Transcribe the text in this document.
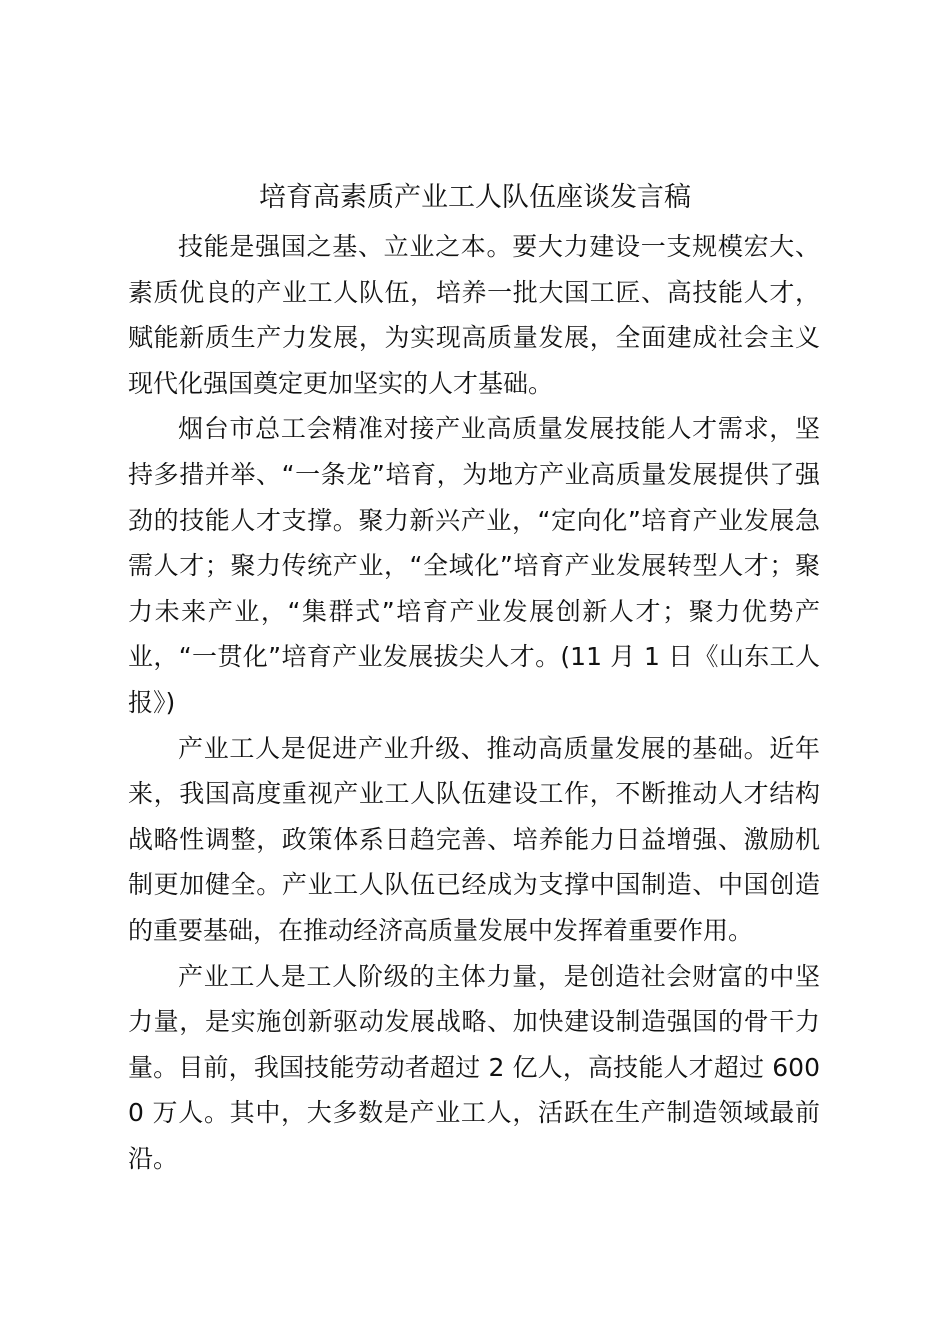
培育高素质产业工人队伍座谈发言稿

技能是强国之基、立业之本。要大力建设一支规模宏大、素质优良的产业工人队伍，培养一批大国工匠、高技能人才，赋能新质生产力发展，为实现高质量发展，全面建成社会主义现代化强国奠定更加坚实的人才基础。

烟台市总工会精准对接产业高质量发展技能人才需求，坚持多措并举、“一条龙”培育，为地方产业高质量发展提供了强劲的技能人才支撑。聚力新兴产业，“定向化”培育产业发展急需人才；聚力传统产业，“全域化”培育产业发展转型人才；聚力未来产业，“集群式”培育产业发展创新人才；聚力优势产业，“一贯化”培育产业发展拔尖人才。(11 月 1 日《山东工人报》)

产业工人是促进产业升级、推动高质量发展的基础。近年来，我国高度重视产业工人队伍建设工作，不断推动人才结构战略性调整，政策体系日趋完善、培养能力日益增强、激励机制更加健全。产业工人队伍已经成为支撑中国制造、中国创造的重要基础，在推动经济高质量发展中发挥着重要作用。

产业工人是工人阶级的主体力量，是创造社会财富的中坚力量，是实施创新驱动发展战略、加快建设制造强国的骨干力量。目前，我国技能劳动者超过 2 亿人，高技能人才超过 6000 万人。其中，大多数是产业工人，活跃在生产制造领域最前沿。
